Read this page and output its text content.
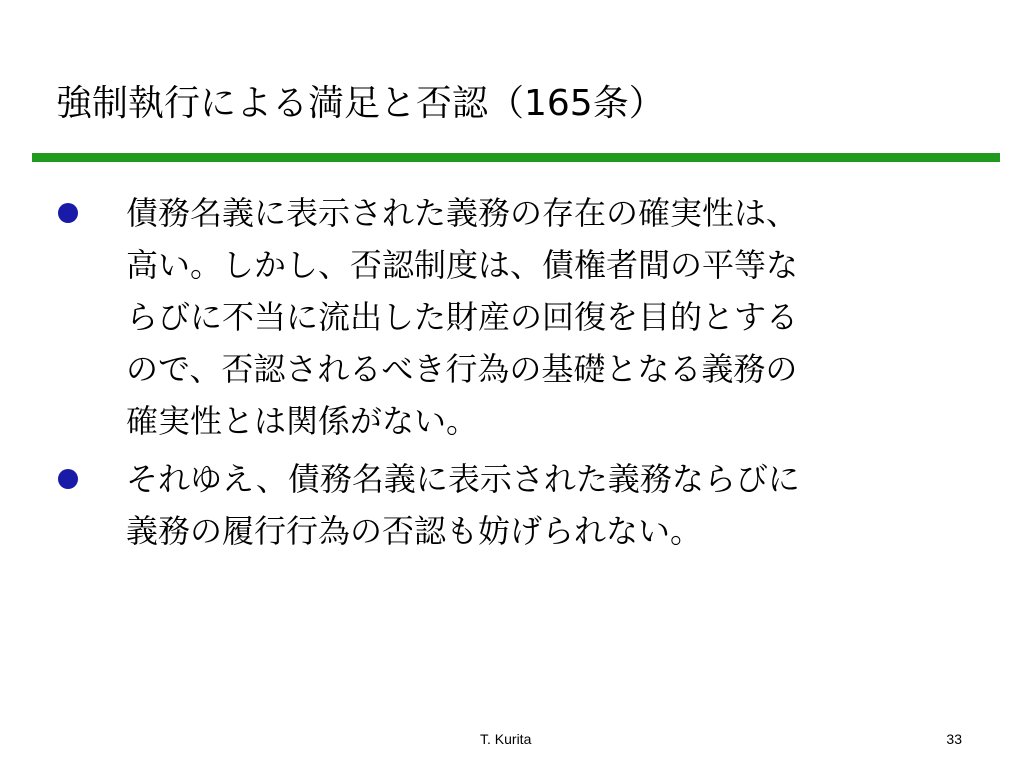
強制執行による満足と否認（165条）
債務名義に表示された義務の存在の確実性は、
高い。しかし、否認制度は、債権者間の平等な
らびに不当に流出した財産の回復を目的とする
ので、否認されるべき行為の基礎となる義務の
確実性とは関係がない。
それゆえ、債務名義に表示された義務ならびに
義務の履行行為の否認も妨げられない。
T. Kurita	33
